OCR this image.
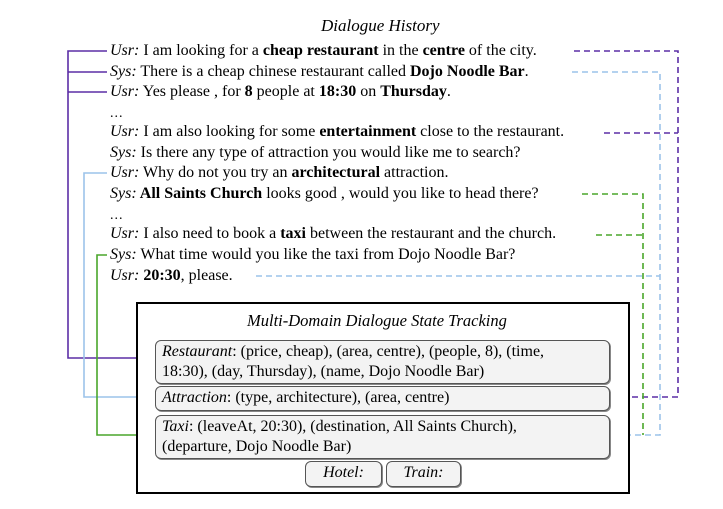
Dialogue History
Usr: I am looking for a cheap restaurant in the centre of the city.
Sys: There is a cheap chinese restaurant called Dojo Noodle Bar.
Usr: Yes please , for 8 people at 18:30 on Thursday.
...
Usr: I am also looking for some entertainment close to the restaurant.
Sys: Is there any type of attraction you would like me to search?
Usr: Why do not you try an architectural attraction.
Sys: All Saints Church looks good , would you like to head there?
...
Usr: I also need to book a taxi between the restaurant and the church.
Sys: What time would you like the taxi from Dojo Noodle Bar?
Usr: 20:30, please.
Multi-Domain Dialogue State Tracking
Restaurant: (price, cheap), (area, centre), (people, 8), (time,
18:30), (day, Thursday), (name, Dojo Noodle Bar)
Attraction: (type, architecture), (area, centre)
Taxi: (leaveAt, 20:30), (destination, All Saints Church),
(departure, Dojo Noodle Bar)
Hotel:	Train:
